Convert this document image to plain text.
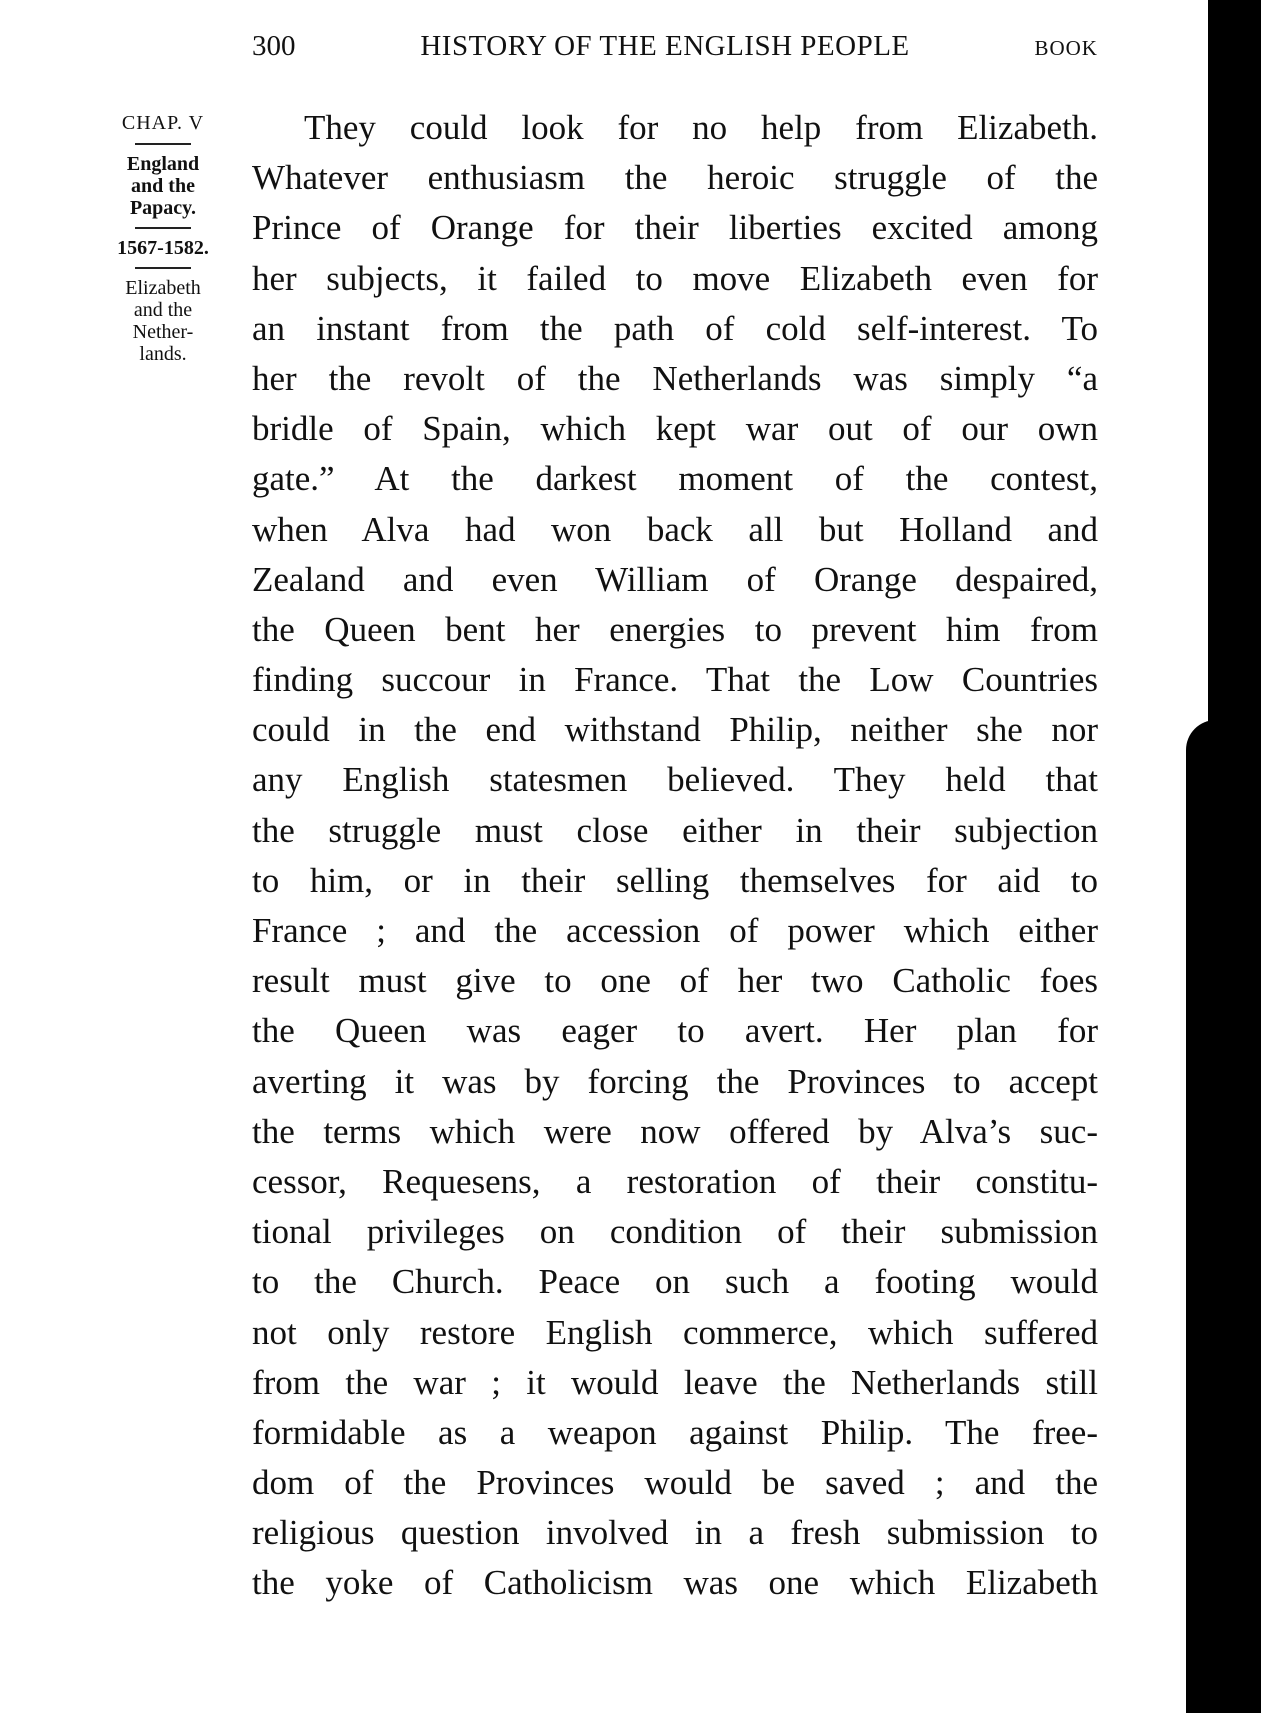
300	HISTORY OF THE ENGLISH PEOPLE	BOOK
CHAP. V
England
and the
Papacy.
1567-1582.
Elizabeth
and the
Nether-
lands.
They could look for no help from Elizabeth.
Whatever enthusiasm the heroic struggle of the
Prince of Orange for their liberties excited among
her subjects, it failed to move Elizabeth even for
an instant from the path of cold self-interest. To
her the revolt of the Netherlands was simply “a
bridle of Spain, which kept war out of our own
gate.” At the darkest moment of the contest,
when Alva had won back all but Holland and
Zealand and even William of Orange despaired,
the Queen bent her energies to prevent him from
finding succour in France. That the Low Countries
could in the end withstand Philip, neither she nor
any English statesmen believed. They held that
the struggle must close either in their subjection
to him, or in their selling themselves for aid to
France ; and the accession of power which either
result must give to one of her two Catholic foes
the Queen was eager to avert. Her plan for
averting it was by forcing the Provinces to accept
the terms which were now offered by Alva’s suc-
cessor, Requesens, a restoration of their constitu-
tional privileges on condition of their submission
to the Church. Peace on such a footing would
not only restore English commerce, which suffered
from the war ; it would leave the Netherlands still
formidable as a weapon against Philip. The free-
dom of the Provinces would be saved ; and the
religious question involved in a fresh submission to
the yoke of Catholicism was one which Elizabeth
